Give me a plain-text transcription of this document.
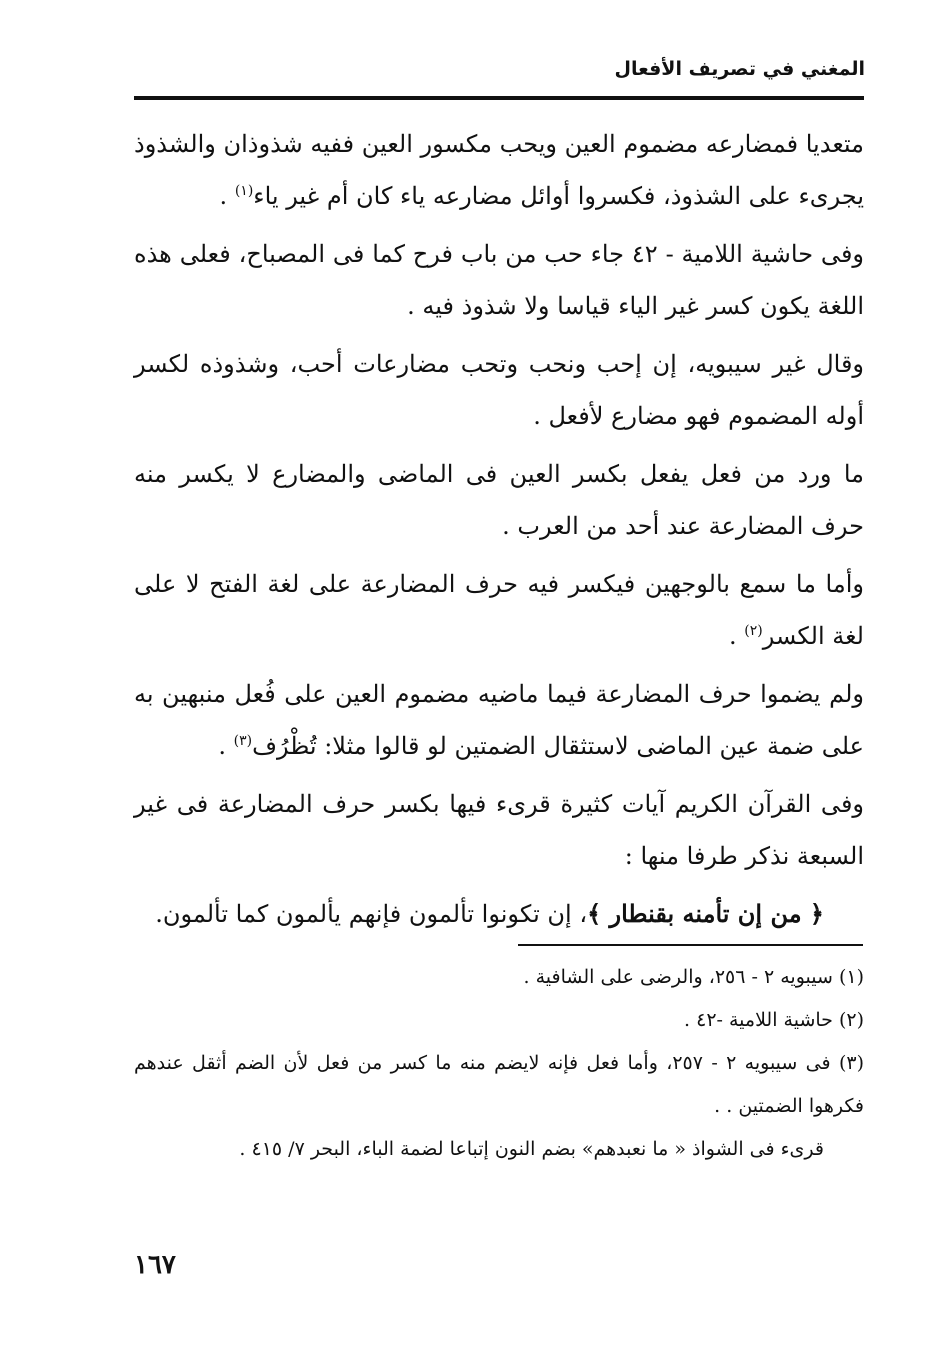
المغني في تصريف الأفعال

متعديا فمضارعه مضموم العين ويحب مكسور العين ففيه شذوذان والشذوذ يجرىء على الشذوذ، فكسروا أوائل مضارعه ياء كان أم غير ياء$^{(١)}$ .

وفى حاشية اللامية - ٤٢ جاء حب من باب فرح كما فى المصباح، فعلى هذه اللغة يكون كسر غير الياء قياسا ولا شذوذ فيه .

وقال غير سيبويه، إن إحب ونحب وتحب مضارعات أحب، وشذوذه لكسر أوله المضموم فهو مضارع لأفعل .

ما ورد من فعل يفعل بكسر العين فى الماضى والمضارع لا يكسر منه حرف المضارعة عند أحد من العرب .

وأما ما سمع بالوجهين فيكسر فيه حرف المضارعة على لغة الفتح لا على لغة الكسر$^{(٢)}$ .

ولم يضموا حرف المضارعة فيما ماضيه مضموم العين على فُعل منبهين به على ضمة عين الماضى لاستثقال الضمتين لو قالوا مثلا: تُظْرُف$^{(٣)}$ .

وفى القرآن الكريم آيات كثيرة قرىء فيها بكسر حرف المضارعة فى غير السبعة نذكر طرفا منها :

﴿ من إن تأمنه بقنطار ﴾، إن تكونوا تألمون فإنهم يألمون كما تألمون.

(١) سيبويه ٢ - ٢٥٦، والرضى على الشافية .

(٢) حاشية اللامية -٤٢ .

(٣) فى سيبويه ٢ - ٢٥٧، وأما فعل فإنه لايضم منه ما كسر من فعل لأن الضم أثقل عندهم فكرهوا الضمتين . .

قرىء فى الشواذ « ما نعبدهم» بضم النون إتباعا لضمة الباء، البحر ٧/ ٤١٥ .

١٦٧
